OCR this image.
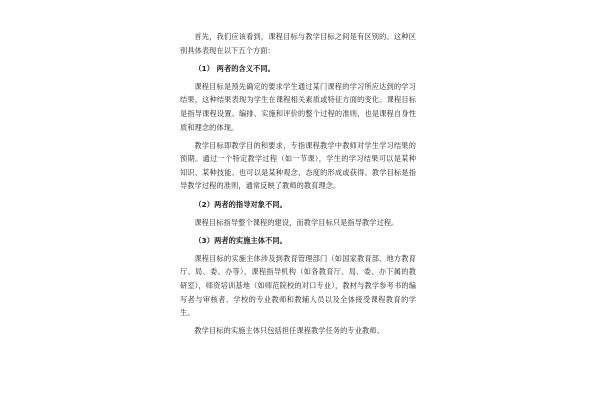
首先，我们应该看到，课程目标与教学目标之间是有区别的。这种区别具体表现在以下五个方面：

（1） 两者的含义不同。

课程目标是预先确定的要求学生通过某门课程的学习所应达到的学习结果，这种结果表现为学生在课程相关素质或特征方面的变化。课程目标是指导课程设置、编排、实施和评价的整个过程的准则，也是课程自身性质和理念的体现。

教学目标即教学目的和要求，专指课程教学中教师对学生学习结果的预期。通过一个特定教学过程（如一节课），学生的学习结果可以是某种知识、某种技能、也可以是某种观念、态度的形成或获得。教学目标是指导教学过程的准则，通常反映了教师的教育理念。

（2）两者的指导对象不同。

课程目标指导整个课程的建设，而教学目标只是指导教学过程。

（3）两者的实施主体不同。

课程目标的实施主体涉及到教育管理部门（如国家教育部、地方教育厅、局、委、办等），课程指导机构（如各教育厅、局、委、办下属的教研室），师资培训基地（如师范院校的对口专业），教材与教学参考书的编写者与审核者、学校的专业教师和教辅人员以及全体接受课程教育的学生。

教学目标的实施主体只包括担任课程教学任务的专业教师、
